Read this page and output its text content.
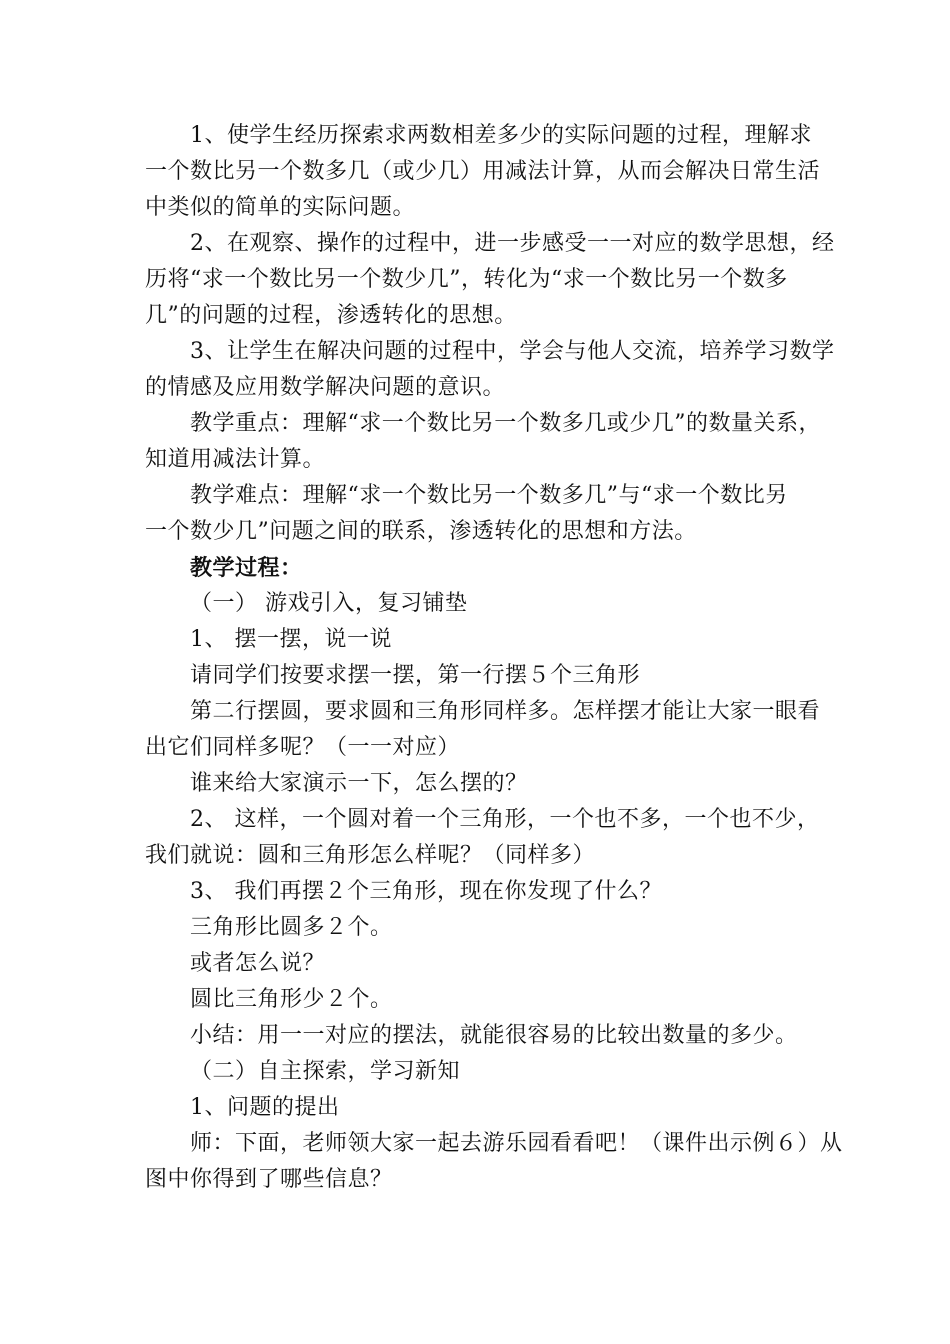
1、使学生经历探索求两数相差多少的实际问题的过程，理解求
一个数比另一个数多几（或少几）用减法计算，从而会解决日常生活
中类似的简单的实际问题。
2、在观察、操作的过程中，进一步感受一一对应的数学思想，经
历将“求一个数比另一个数少几”，转化为“求一个数比另一个数多
几”的问题的过程，渗透转化的思想。
3、让学生在解决问题的过程中，学会与他人交流，培养学习数学
的情感及应用数学解决问题的意识。
教学重点：理解“求一个数比另一个数多几或少几”的数量关系，
知道用减法计算。
教学难点：理解“求一个数比另一个数多几”与“求一个数比另
一个数少几”问题之间的联系，渗透转化的思想和方法。
教学过程：
（一） 游戏引入，复习铺垫
1、 摆一摆，说一说
请同学们按要求摆一摆，第一行摆５个三角形
第二行摆圆，要求圆和三角形同样多。怎样摆才能让大家一眼看
出它们同样多呢？（一一对应）
谁来给大家演示一下，怎么摆的？
2、 这样，一个圆对着一个三角形，一个也不多，一个也不少，
我们就说：圆和三角形怎么样呢？（同样多）
3、 我们再摆２个三角形，现在你发现了什么？
三角形比圆多２个。
或者怎么说？
圆比三角形少２个。
小结：用一一对应的摆法，就能很容易的比较出数量的多少。
（二）自主探索，学习新知
1、问题的提出
师：下面，老师领大家一起去游乐园看看吧！（课件出示例６）从
图中你得到了哪些信息？
